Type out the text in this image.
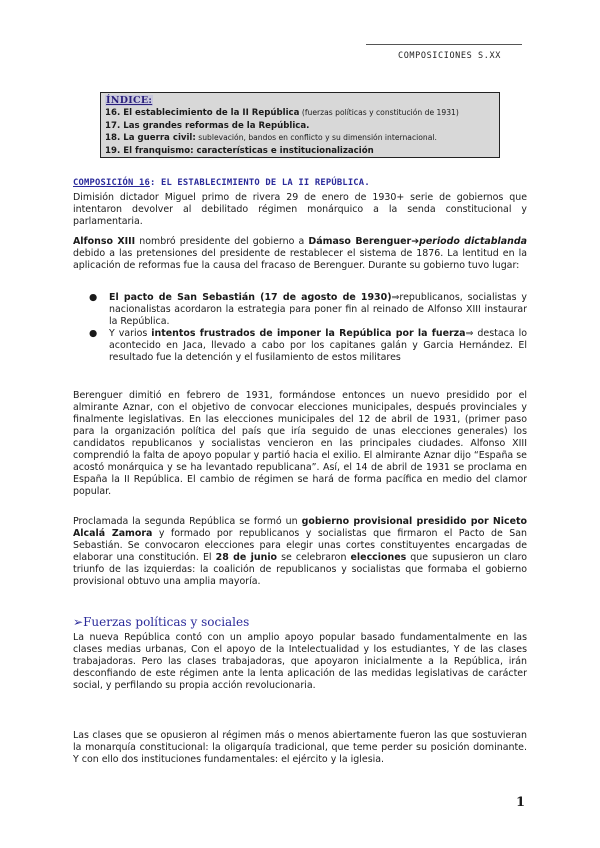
COMPOSICIONES S.XX
ÍNDICE:
16. El establecimiento de la II República (fuerzas políticas y constitución de 1931)
17. Las grandes reformas de la República.
18. La guerra civil: sublevación, bandos en conflicto y su dimensión internacional.
19. El franquismo: características e institucionalización
COMPOSICIÓN 16: EL ESTABLECIMIENTO DE LA II REPÚBLICA.
Dimisión dictador Miguel primo de rivera 29 de enero de 1930+ serie de gobiernos que intentaron devolver al debilitado régimen monárquico a la senda constitucional y parlamentaria.
Alfonso XIII nombró presidente del gobierno a Dámaso Berenguer➔periodo dictablanda debido a las pretensiones del presidente de restablecer el sistema de 1876. La lentitud en la aplicación de reformas fue la causa del fracaso de Berenguer. Durante su gobierno tuvo lugar:
● El pacto de San Sebastián (17 de agosto de 1930)⇒republicanos, socialistas y nacionalistas acordaron la estrategia para poner fin al reinado de Alfonso XIII instaurar la República.
● Y varios intentos frustrados de imponer la República por la fuerza⇒ destaca lo acontecido en Jaca, llevado a cabo por los capitanes galán y Garcia Hernández. El resultado fue la detención y el fusilamiento de estos militares
Berenguer dimitió en febrero de 1931, formándose entonces un nuevo presidido por el almirante Aznar, con el objetivo de convocar elecciones municipales, después provinciales y finalmente legislativas. En las elecciones municipales del 12 de abril de 1931, (primer paso para la organización política del país que iría seguido de unas elecciones generales) los candidatos republicanos y socialistas vencieron en las principales ciudades. Alfonso XIII comprendió la falta de apoyo popular y partió hacia el exilio. El almirante Aznar dijo “España se acostó monárquica y se ha levantado republicana”. Así, el 14 de abril de 1931 se proclama en España la II República. El cambio de régimen se hará de forma pacífica en medio del clamor popular.
Proclamada la segunda República se formó un gobierno provisional presidido por Niceto Alcalá Zamora y formado por republicanos y socialistas que firmaron el Pacto de San Sebastián. Se convocaron elecciones para elegir unas cortes constituyentes encargadas de elaborar una constitución. El 28 de junio se celebraron elecciones que supusieron un claro triunfo de las izquierdas: la coalición de republicanos y socialistas que formaba el gobierno provisional obtuvo una amplia mayoría.
➢Fuerzas políticas y sociales
La nueva República contó con un amplio apoyo popular basado fundamentalmente en las clases medias urbanas, Con el apoyo de la Intelectualidad y los estudiantes, Y de las clases trabajadoras. Pero las clases trabajadoras, que apoyaron inicialmente a la República, irán desconfiando de este régimen ante la lenta aplicación de las medidas legislativas de carácter social, y perfilando su propia acción revolucionaria.
Las clases que se opusieron al régimen más o menos abiertamente fueron las que sostuvieran la monarquía constitucional: la oligarquía tradicional, que teme perder su posición dominante. Y con ello dos instituciones fundamentales: el ejército y la iglesia.
1
